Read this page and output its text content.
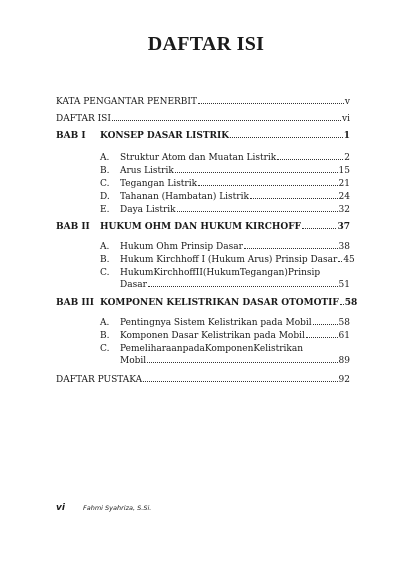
DAFTAR ISI
KATA PENGANTAR PENERBIT	v
DAFTAR ISI	vi
BAB I KONSEP DASAR LISTRIK	1
A. Struktur Atom dan Muatan Listrik	2
B. Arus Listrik	15
C. Tegangan Listrik	21
D. Tahanan (Hambatan) Listrik	24
E. Daya Listrik	32
BAB II HUKUM OHM DAN HUKUM KIRCHOFF	37
A. Hukum Ohm Prinsip Dasar	38
B. Hukum Kirchhoff I (Hukum Arus) Prinsip Dasar 45
C. Hukum Kirchhoff II (Hukum Tegangan) Prinsip
Dasar	51
BAB III KOMPONEN KELISTRIKAN DASAR OTOMOTIF 58
A. Pentingnya Sistem Kelistrikan pada Mobil	58
B. Komponen Dasar Kelistrikan pada Mobil	61
C. Pemeliharaan pada Komponen Kelistrikan
Mobil	89
DAFTAR PUSTAKA	92
vi	Fahmi Syahriza, S.Si.
